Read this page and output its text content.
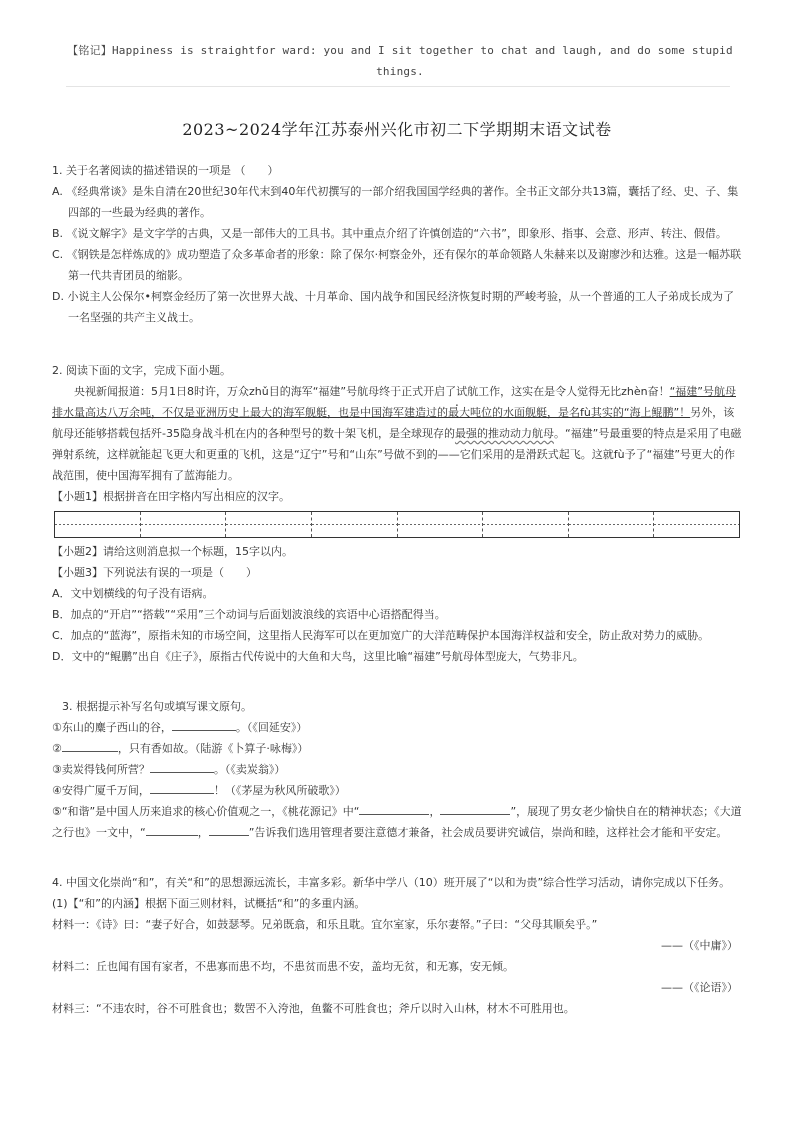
【铭记】Happiness is straightfor ward: you and I sit together to chat and laugh, and do some stupid things.
2023~2024学年江苏泰州兴化市初二下学期期末语文试卷

1. 关于名著阅读的描述错误的一项是 （　　）

A. 《经典常谈》是朱自清在20世纪30年代末到40年代初撰写的一部介绍我国国学经典的著作。全书正文部分共13篇，囊括了经、史、子、集四部的一些最为经典的著作。

B. 《说文解字》是文字学的古典，又是一部伟大的工具书。其中重点介绍了许慎创造的“六书”，即象形、指事、会意、形声、转注、假借。

C. 《钢铁是怎样炼成的》成功塑造了众多革命者的形象：除了保尔·柯察金外，还有保尔的革命领路人朱赫来以及谢廖沙和达雅。这是一幅苏联第一代共青团员的缩影。

D. 小说主人公保尔•柯察金经历了第一次世界大战、十月革命、国内战争和国民经济恢复时期的严峻考验，从一个普通的工人子弟成长成为了一名坚强的共产主义战士。

2. 阅读下面的文字，完成下面小题。

央视新闻报道：5月1日8时许，万众zhǔ目的海军“福建”号航母终于正式开启 .了试航工作，这实在是令人觉得无比zhèn奋！“福建”号航母排水量高达八万余吨，不仅是亚洲历史上最大的海军舰艇，也是中国海军建造过的最大吨位的水面舰艇，是名fù其实的“海上鲲鹏”！另外，该航母还能够搭载 .包括歼-35隐身战斗机在内的各种型号的数十架飞机，是全球现存的最强的推动动力航母。“福建”号最重要的特点是采用 .了电磁弹射系统，这样就能起飞更大和更重的飞机，这是“辽宁”号和“山东”号做不到的——它们采用的是滑跃式起飞。这就fù予了“福建”号更大的作战范围，使中国海军拥有了蓝海 .能力。

【小题1】根据拼音在田字格内写出相应的汉字。

【小题2】请给这则消息拟一个标题，15字以内。

【小题3】下列说法有误的一项是（　　）

A．文中划横线的句子没有语病。

B．加点的“开启”“搭载”“采用”三个动词与后面划波浪线的宾语中心语搭配得当。

C．加点的“蓝海”，原指未知的市场空间，这里指人民海军可以在更加宽广的大洋范畴保护本国海洋权益和安全，防止敌对势力的威胁。

D．文中的“鲲鹏”出自《庄子》，原指古代传说中的大鱼和大鸟，这里比喻“福建”号航母体型庞大，气势非凡。

3. 根据提示补写名句或填写课文原句。

①东山的麋子西山的谷，	。（《回延安》）

②	，只有香如故。（陆游《卜算子·咏梅》）

③卖炭得钱何所营？	。（《卖炭翁》）

④安得广厦千万间，	！（《茅屋为秋风所破歌》）

⑤“和谐”是中国人历来追求的核心价值观之一，《桃花源记》中“	，	”，展现了男女老少愉快自在的精神状态；《大道之行也》一文中，“	，	”告诉我们选用管理者要注意德才兼备，社会成员要讲究诚信，崇尚和睦，这样社会才能和平安定。

4. 中国文化崇尚“和”，有关“和”的思想源远流长，丰富多彩。新华中学八（10）班开展了“以和为贵”综合性学习活动，请你完成以下任务。

(1)【“和”的内涵】根据下面三则材料，试概括“和”的多重内涵。

材料一：《诗》曰：“妻子好合，如鼓瑟琴。兄弟既翕，和乐且耽。宜尔室家，乐尔妻帑。”子曰：“父母其顺矣乎。”

——（《中庸》）

材料二：丘也闻有国有家者，不患寡而患不均，不患贫而患不安，盖均无贫，和无寡，安无倾。

——（《论语》）

材料三：“不违农时，谷不可胜食也；数罟不入洿池，鱼鳖不可胜食也；斧斤以时入山林，材木不可胜用也。
